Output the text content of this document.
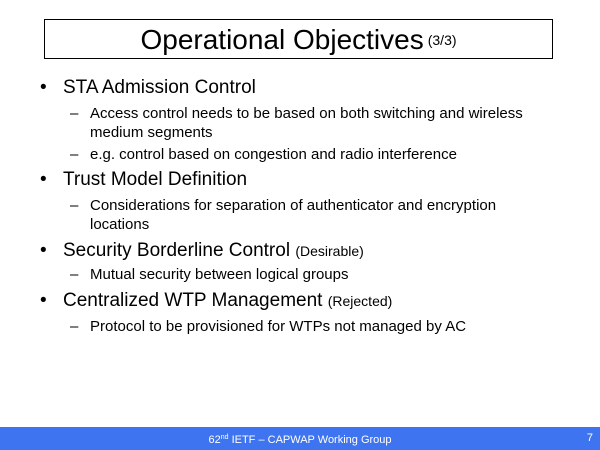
Operational Objectives (3/3)
• STA Admission Control
– Access control needs to be based on both switching and wireless medium segments
– e.g. control based on congestion and radio interference
• Trust Model Definition
– Considerations for separation of authenticator and encryption locations
• Security Borderline Control (Desirable)
– Mutual security between logical groups
• Centralized WTP Management (Rejected)
– Protocol to be provisioned for WTPs not managed by AC
62nd IETF – CAPWAP Working Group	7
